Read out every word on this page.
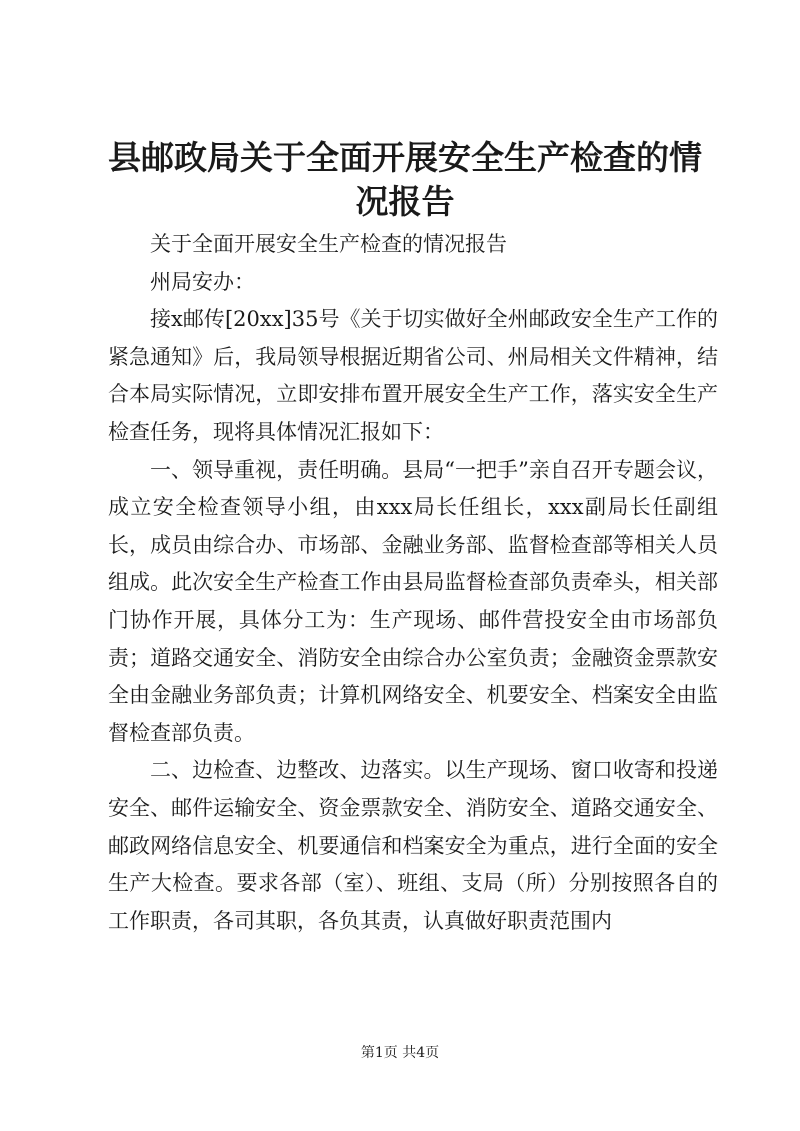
县邮政局关于全面开展安全生产检查的情况报告

关于全面开展安全生产检查的情况报告

州局安办：

接x邮传[20xx]35号《关于切实做好全州邮政安全生产工作的紧急通知》后，我局领导根据近期省公司、州局相关文件精神，结合本局实际情况，立即安排布置开展安全生产工作，落实安全生产检查任务，现将具体情况汇报如下：

一、领导重视，责任明确。县局“一把手”亲自召开专题会议，成立安全检查领导小组，由xxx局长任组长，xxx副局长任副组长，成员由综合办、市场部、金融业务部、监督检查部等相关人员组成。此次安全生产检查工作由县局监督检查部负责牵头，相关部门协作开展，具体分工为：生产现场、邮件营投安全由市场部负责；道路交通安全、消防安全由综合办公室负责；金融资金票款安全由金融业务部负责；计算机网络安全、机要安全、档案安全由监督检查部负责。

二、边检查、边整改、边落实。以生产现场、窗口收寄和投递安全、邮件运输安全、资金票款安全、消防安全、道路交通安全、邮政网络信息安全、机要通信和档案安全为重点，进行全面的安全生产大检查。要求各部（室）、班组、支局（所）分别按照各自的工作职责，各司其职，各负其责，认真做好职责范围内

第1页 共4页
